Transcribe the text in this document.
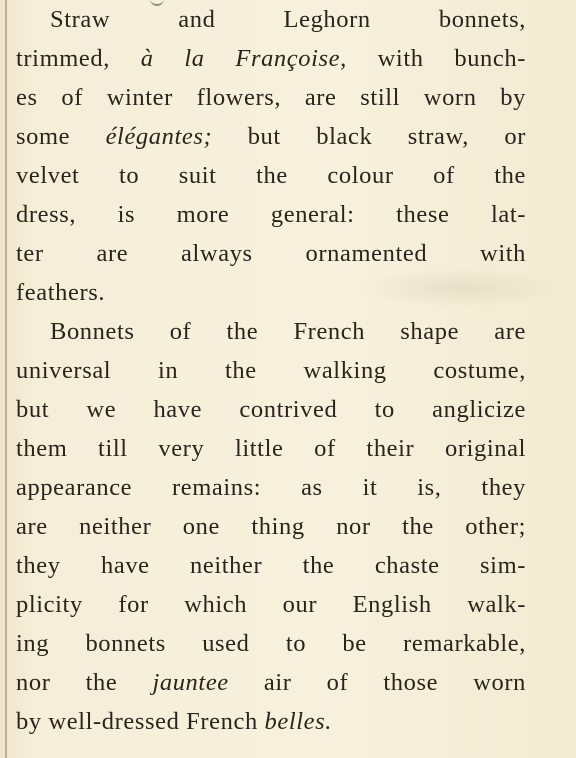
Straw and Leghorn bonnets,
trimmed, à la Françoise, with bunch-
es of winter flowers, are still worn by
some élégantes; but black straw, or
velvet to suit the colour of the
dress, is more general: these lat-
ter are always ornamented with
feathers.
Bonnets of the French shape are
universal in the walking costume,
but we have contrived to anglicize
them till very little of their original
appearance remains: as it is, they
are neither one thing nor the other;
they have neither the chaste sim-
plicity for which our English walk-
ing bonnets used to be remarkable,
nor the jauntee air of those worn
by well-dressed French belles.
